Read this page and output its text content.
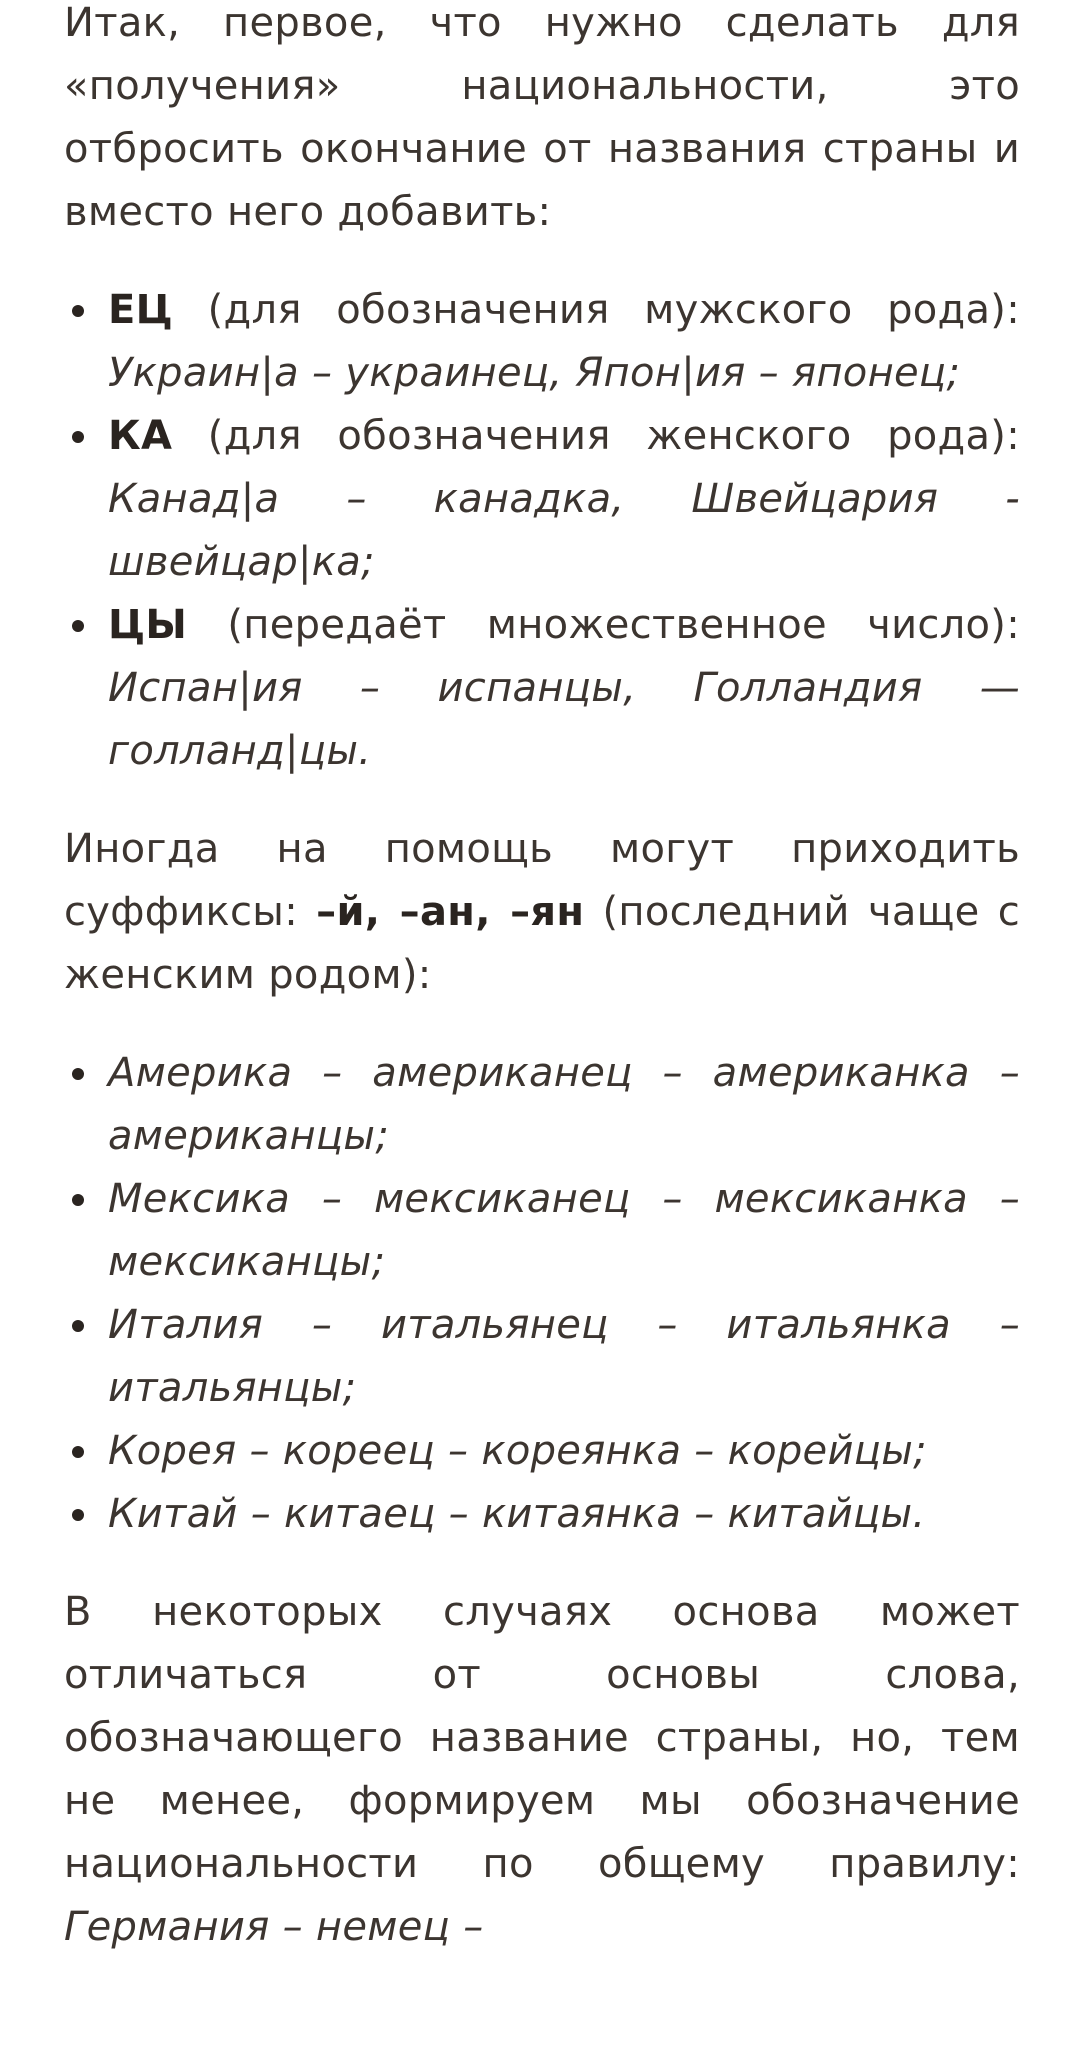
Итак, первое, что нужно сделать для «получения» национальности, это отбросить окончание от названия страны и вместо него добавить:

ЕЦ (для обозначения мужского рода): Украин|а – украинец, Япон|ия – японец;
КА (для обозначения женского рода): Канад|а – канадка, Швейцария - швейцар|ка;
ЦЫ (передаёт множественное число): Испан|ия – испанцы, Голландия — голланд|цы.

Иногда на помощь могут приходить суффиксы: –й, –ан, –ян (последний чаще с женским родом):

Америка – американец – американка – американцы;
Мексика – мексиканец – мексиканка – мексиканцы;
Италия – итальянец – итальянка – итальянцы;
Корея – кореец – кореянка – корейцы;
Китай – китаец – китаянка – китайцы.

В некоторых случаях основа может отличаться от основы слова, обозначающего название страны, но, тем не менее, формируем мы обозначение национальности по общему правилу: Германия – немец –
